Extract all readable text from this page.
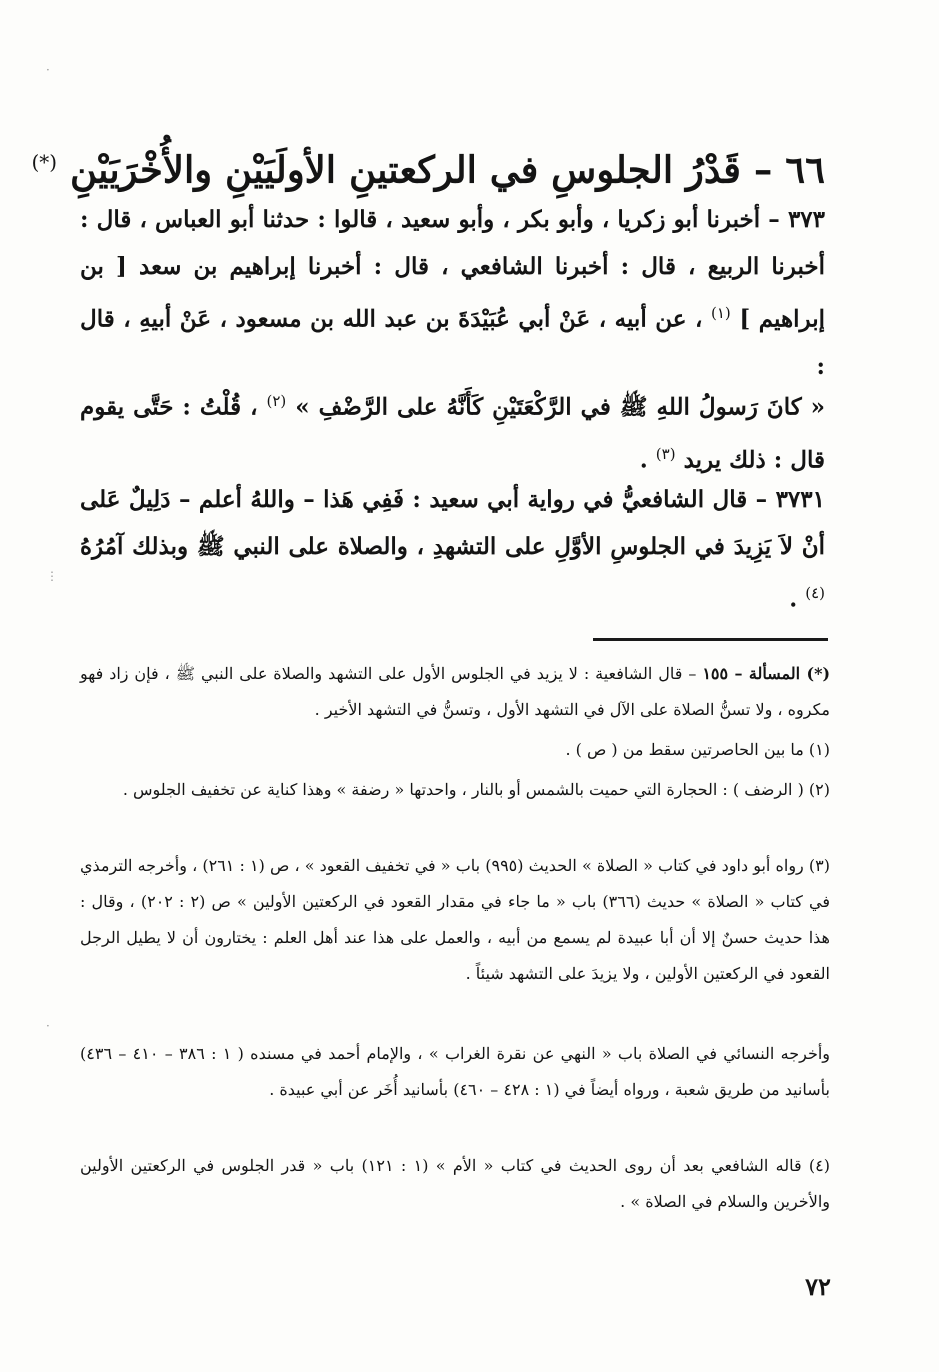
٦٦ – قَدْرُ الجلوسِ في الركعتينِ الأولَيَيْنِ والأُخْرَيَيْنِ (*)
٣٧٣ – أخبرنا أبو زكريا ، وأبو بكر ، وأبو سعيد ، قالوا : حدثنا أبو العباس ، قال : أخبرنا الربيع ، قال : أخبرنا الشافعي ، قال : أخبرنا إبراهيم بن سعد [ بن إبراهيم ] $^{(١)}$ ، عن أبيه ، عَنْ أبي عُبَيْدَةَ بن عبد الله بن مسعود ، عَنْ أبيهِ ، قال :
« كانَ رَسولُ اللهِ ﷺ في الرَّكْعَتَيْنِ كَأَنَّهُ على الرَّضْفِ » $^{(٢)}$ ، قُلْتُ : حَتَّى يقوم قال : ذلك يريد $^{(٣)}$ .
٣٧٣١ – قال الشافعيُّ في رواية أبي سعيد : فَفِي هَذا – واللهُ أعلم – دَلِيلٌ عَلى أنْ لاَ يَزِيدَ في الجلوسِ الأوَّلِ على التشهدِ ، والصلاة على النبي ﷺ وبذلك آمُرُهُ $^{(٤)}$ .
(*) المسألة – ١٥٥ – قال الشافعية : لا يزيد في الجلوس الأول على التشهد والصلاة على النبي ﷺ ، فإن زاد فهو مكروه ، ولا تسنُّ الصلاة على الآل في التشهد الأول ، وتسنُّ في التشهد الأخير .
(١) ما بين الحاصرتين سقط من ( ص ) .
(٢) ( الرضف ) : الحجارة التي حميت بالشمس أو بالنار ، واحدتها « رضفة » وهذا كناية عن تخفيف الجلوس .
(٣) رواه أبو داود في كتاب « الصلاة » الحديث (٩٩٥) باب « في تخفيف القعود » ، ص (١ : ٢٦١) ، وأخرجه الترمذي في كتاب « الصلاة » حديث (٣٦٦) باب « ما جاء في مقدار القعود في الركعتين الأولين » ص (٢ : ٢٠٢) ، وقال : هذا حديث حسنٌ إلا أن أبا عبيدة لم يسمع من أبيه ، والعمل على هذا عند أهل العلم : يختارون أن لا يطيل الرجل القعود في الركعتين الأولين ، ولا يزيدَ على التشهد شيئاً .
وأخرجه النسائي في الصلاة باب « النهي عن نقرة الغراب » ، والإمام أحمد في مسنده ( ١ : ٣٨٦ – ٤١٠ – ٤٣٦) بأسانيد من طريق شعبة ، ورواه أيضاً في (١ : ٤٢٨ – ٤٦٠) بأسانيد أُخَر عن أبي عبيدة .
(٤) قاله الشافعي بعد أن روى الحديث في كتاب « الأم » (١ : ١٢١) باب « قدر الجلوس في الركعتين الأولين والأخرين والسلام في الصلاة » .
٧٢
·
⋮
·
